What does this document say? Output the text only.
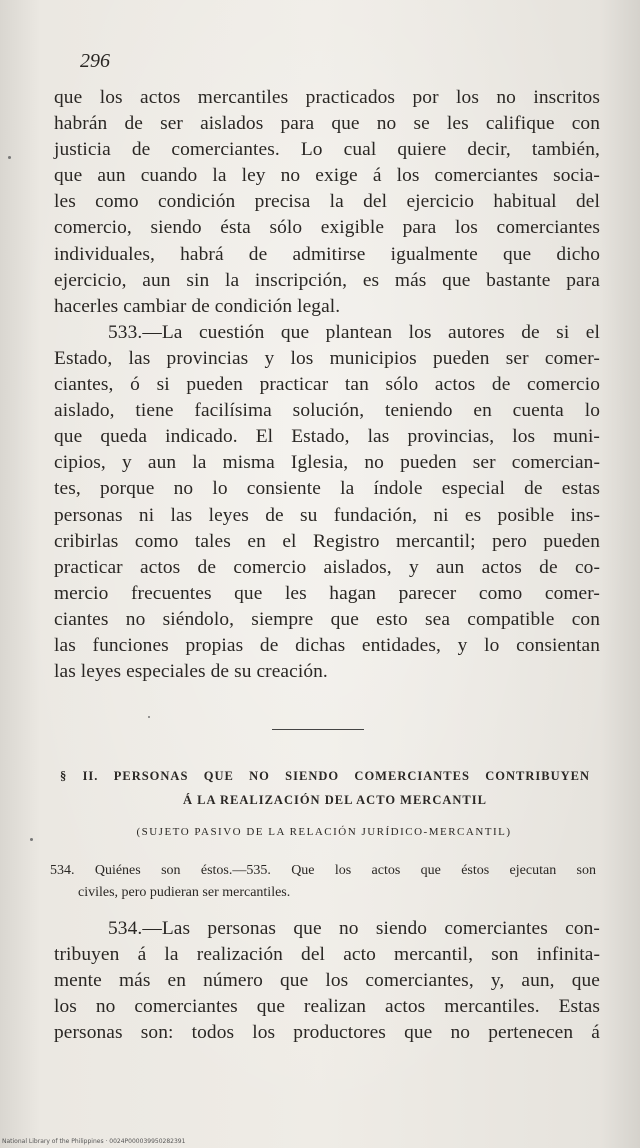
296
que los actos mercantiles practicados por los no inscritos
habrán de ser aislados para que no se les califique con
justicia de comerciantes. Lo cual quiere decir, también,
que aun cuando la ley no exige á los comerciantes socia-
les como condición precisa la del ejercicio habitual del
comercio, siendo ésta sólo exigible para los comerciantes
individuales, habrá de admitirse igualmente que dicho
ejercicio, aun sin la inscripción, es más que bastante para
hacerles cambiar de condición legal.
533.—La cuestión que plantean los autores de si el
Estado, las provincias y los municipios pueden ser comer-
ciantes, ó si pueden practicar tan sólo actos de comercio
aislado, tiene facilísima solución, teniendo en cuenta lo
que queda indicado. El Estado, las provincias, los muni-
cipios, y aun la misma Iglesia, no pueden ser comercian-
tes, porque no lo consiente la índole especial de estas
personas ni las leyes de su fundación, ni es posible ins-
cribirlas como tales en el Registro mercantil; pero pueden
practicar actos de comercio aislados, y aun actos de co-
mercio frecuentes que les hagan parecer como comer-
ciantes no siéndolo, siempre que esto sea compatible con
las funciones propias de dichas entidades, y lo consientan
las leyes especiales de su creación.
§ II. PERSONAS QUE NO SIENDO COMERCIANTES CONTRIBUYEN
Á LA REALIZACIÓN DEL ACTO MERCANTIL
(SUJETO PASIVO DE LA RELACIÓN JURÍDICO-MERCANTIL)
534. Quiénes son éstos.—535. Que los actos que éstos ejecutan son
civiles, pero pudieran ser mercantiles.
534.—Las personas que no siendo comerciantes con-
tribuyen á la realización del acto mercantil, son infinita-
mente más en número que los comerciantes, y, aun, que
los no comerciantes que realizan actos mercantiles. Estas
personas son: todos los productores que no pertenecen á
National Library of the Philippines · 0024P000039950282391
